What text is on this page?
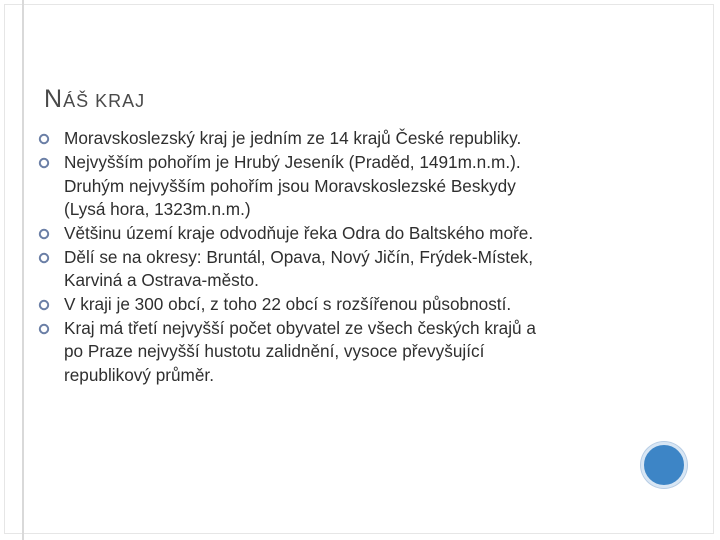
NÁŠ KRAJ
Moravskoslezský kraj je jedním ze 14 krajů České republiky.
Nejvyšším pohořím je Hrubý Jeseník (Praděd, 1491m.n.m.).
Druhým nejvyšším pohořím jsou Moravskoslezské Beskydy
(Lysá hora, 1323m.n.m.)
Většinu území kraje odvodňuje řeka Odra do Baltského moře.
Dělí se na okresy: Bruntál, Opava, Nový Jičín, Frýdek-Místek,
Karviná a Ostrava-město.
V kraji je 300 obcí, z toho 22 obcí s rozšířenou působností.
Kraj má třetí nejvyšší počet obyvatel ze všech českých krajů a
po Praze nejvyšší hustotu zalidnění, vysoce převyšující
republikový průměr.
